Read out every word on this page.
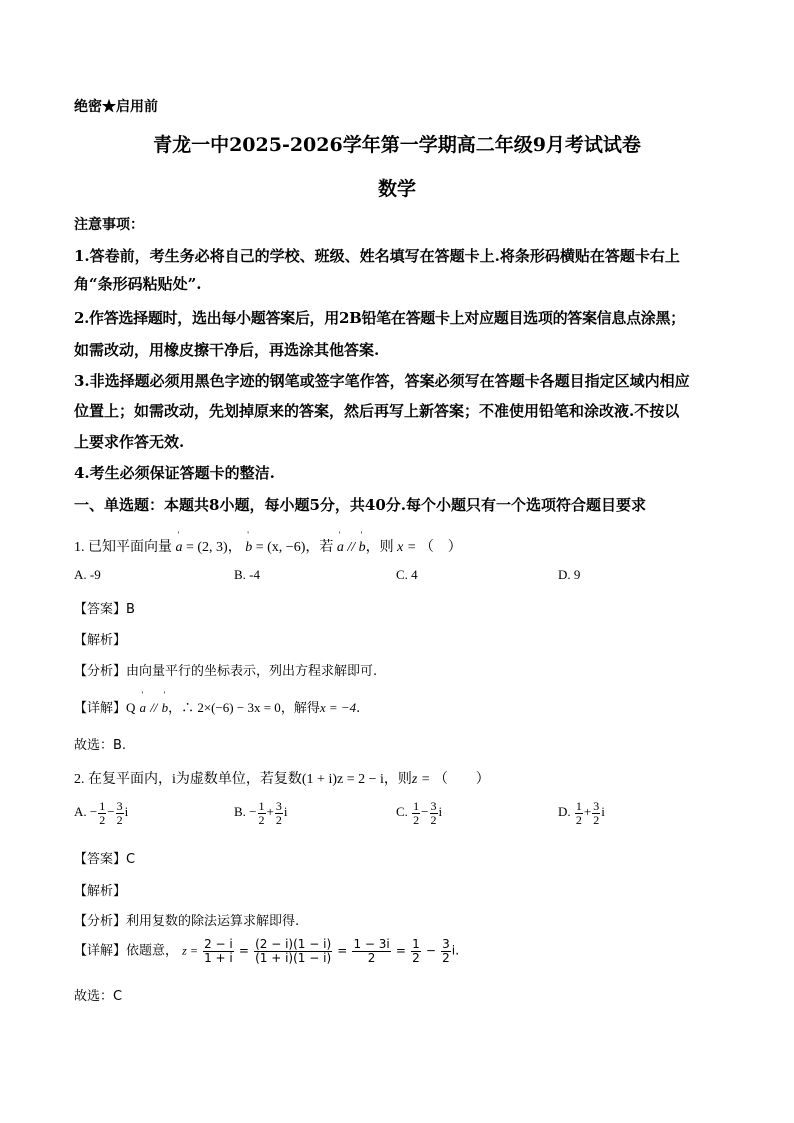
绝密★启用前
青龙一中2025-2026学年第一学期高二年级9月考试试卷
数学
注意事项：
1.答卷前，考生务必将自己的学校、班级、姓名填写在答题卡上.将条形码横贴在答题卡右上
角“条形码粘贴处”.
2.作答选择题时，选出每小题答案后，用2B铅笔在答题卡上对应题目选项的答案信息点涂黑；
如需改动，用橡皮擦干净后，再选涂其他答案.
3.非选择题必须用黑色字迹的钢笔或签字笔作答，答案必须写在答题卡各题目指定区域内相应
位置上；如需改动，先划掉原来的答案，然后再写上新答案；不准使用铅笔和涂改液.不按以
上要求作答无效.
4.考生必须保证答题卡的整洁.
一、单选题：本题共8小题，每小题5分，共40分.每个小题只有一个选项符合题目要求
1. 已知平面向量
'
a = (2, 3)，
'
b = (x, −6)，若
'
a //
'
b，则 x = （　）
A. -9	B. -4	C. 4	D. 9
【答案】B
【解析】
【分析】由向量平行的坐标表示，列出方程求解即可.
【详解】Q
'
a //
'
b，∴ 2×(−6) − 3x = 0，解得x = −4.
故选：B.
2. 在复平面内，i为虚数单位，若复数(1 + i)z = 2 − i，则z = （　　）
A. − $\frac{1}{2} - \frac{3}{2}$ i	B. − $\frac{1}{2} + \frac{3}{2}$ i	C. $\frac{1}{2} - \frac{3}{2}$ i	D. $\frac{1}{2} + \frac{3}{2}$ i
【答案】C
【解析】
【分析】利用复数的除法运算求解即得.
【详解】依题意， $z = \frac{2 - i}{1 + i} = \frac{(2 - i)(1 - i)}{(1 + i)(1 - i)} = \frac{1 - 3i}{2} = \frac{1}{2} - \frac{3}{2} i$.
故选：C
